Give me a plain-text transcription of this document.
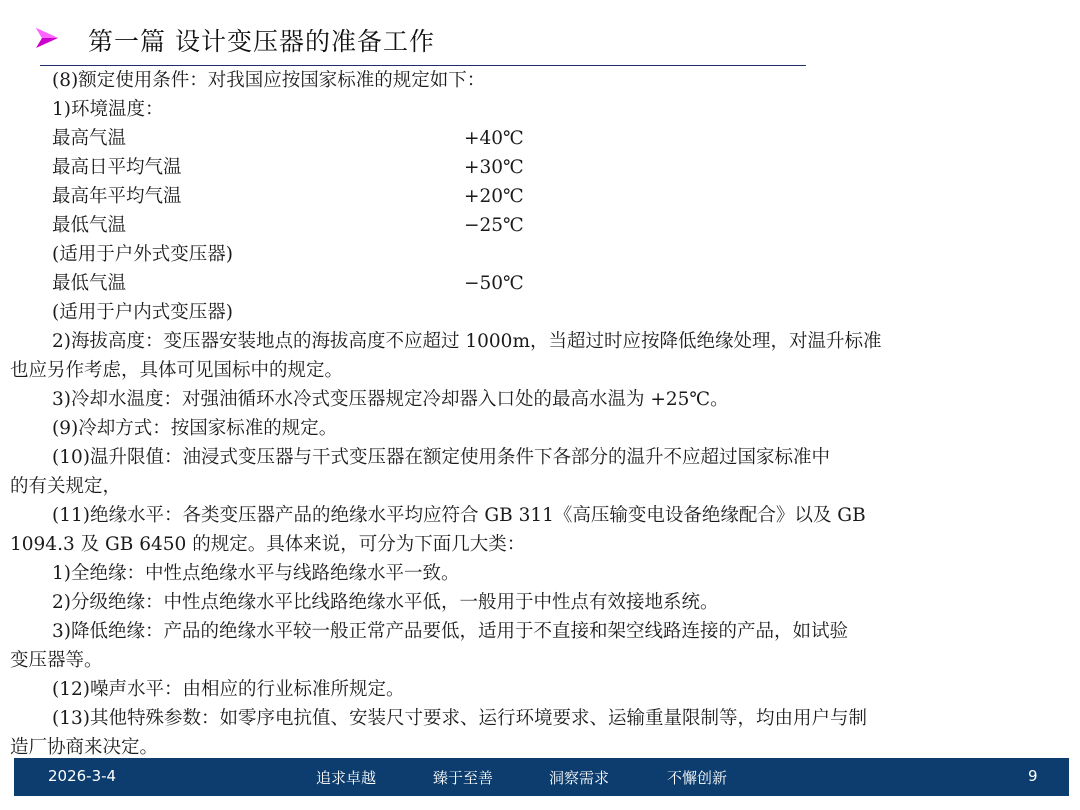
第一篇 设计变压器的准备工作
(8)额定使用条件：对我国应按国家标准的规定如下：
1)环境温度：
最高气温	+40℃
最高日平均气温	+30℃
最高年平均气温	+20℃
最低气温	−25℃
(适用于户外式变压器)
最低气温	−50℃
(适用于户内式变压器)
2)海拔高度：变压器安装地点的海拔高度不应超过 1000m，当超过时应按降低绝缘处理，对温升标准
也应另作考虑，具体可见国标中的规定。
3)冷却水温度：对强油循环水冷式变压器规定冷却器入口处的最高水温为 +25℃。
(9)冷却方式：按国家标准的规定。
(10)温升限值：油浸式变压器与干式变压器在额定使用条件下各部分的温升不应超过国家标准中
的有关规定，
(11)绝缘水平：各类变压器产品的绝缘水平均应符合 GB 311《高压输变电设备绝缘配合》以及 GB
1094.3 及 GB 6450 的规定。具体来说，可分为下面几大类：
1)全绝缘：中性点绝缘水平与线路绝缘水平一致。
2)分级绝缘：中性点绝缘水平比线路绝缘水平低，一般用于中性点有效接地系统。
3)降低绝缘：产品的绝缘水平较一般正常产品要低，适用于不直接和架空线路连接的产品，如试验
变压器等。
(12)噪声水平：由相应的行业标准所规定。
(13)其他特殊参数：如零序电抗值、安装尺寸要求、运行环境要求、运输重量限制等，均由用户与制
造厂协商来决定。
2026-3-4	追求卓越	臻于至善	洞察需求	不懈创新	9
